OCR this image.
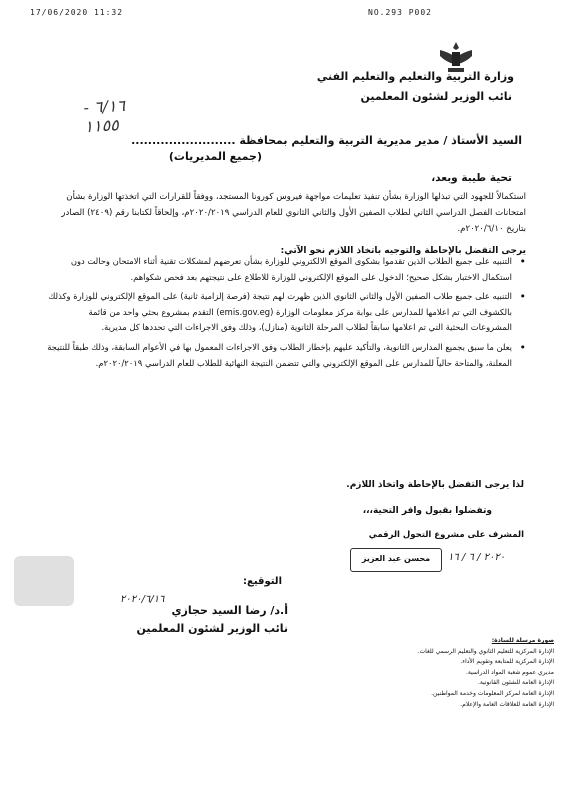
17/06/2020 11:32	NO.293 P002
وزارة التربية والتعليم والتعليم الفني
نائب الوزير لشئون المعلمين
٦/١٦ - ١١٥٥
السيد الأستاذ / مدير مديرية التربية والتعليم بمحافظة .........................
(جميع المديريات)
تحية طيبة وبعد،
استكمالاً للجهود التي تبذلها الوزارة بشأن تنفيذ تعليمات مواجهة فيروس كورونا المستجد، ووفقاً للقرارات التي اتخذتها الوزارة بشأن امتحانات الفصل الدراسي الثاني لطلاب الصفين الأول والثاني الثانوي للعام الدراسي ٢٠٢٠/٢٠١٩م، وإلحاقاً لكتابنا رقم (٢٤٠٩) الصادر بتاريخ ٢٠٢٠/٦/١٠م.
يرجى التفضل بالإحاطة والتوجيه باتخاذ اللازم نحو الآتي:
• التنبيه على جميع الطلاب الذين تقدموا بشكوى الموقع الالكتروني للوزارة بشأن تعرضهم لمشكلات تقنية أثناء الامتحان وحالت دون استكمال الاختبار بشكل صحيح؛ الدخول على الموقع الإلكتروني للوزارة للاطلاع على نتيجتهم بعد فحص شكواهم.
• التنبيه على جميع طلاب الصفين الأول والثاني الثانوي الذين ظهرت لهم نتيجة (فرصة إلزامية ثانية) على الموقع الإلكتروني للوزارة وكذلك بالكشوف التي تم اعلامها للمدارس على بوابة مركز معلومات الوزارة (emis.gov.eg) التقدم بمشروع بحثي واحد من قائمة المشروعات البحثية التي تم اعلامها سابقاً لطلاب المرحلة الثانوية (منازل)، وذلك وفق الاجراءات التي تحددها كل مديرية.
• يعلن ما سبق بجميع المدارس الثانوية، والتأكيد عليهم بإخطار الطلاب وفق الاجراءات المعمول بها في الأعوام السابقة، وذلك طبقاً للنتيجة المعلنة، والمتاحة حالياً للمدارس على الموقع الإلكتروني والتي تتضمن النتيجة النهائية للطلاب للعام الدراسي ٢٠٢٠/٢٠١٩م.
لذا يرجى التفضل بالإحاطة واتخاذ اللازم.
وتفضلوا بقبول وافر التحية،،،
المشرف على مشروع التحول الرقمي
محسن عبد العزيز	٢٠٢٠ / ٦ / ١٦
التوقيع:
٢٠٢٠/٦/١٦
أ.د/ رضا السيد حجازي
نائب الوزير لشئون المعلمين
صورة مرسلة للسادة:
الإدارة المركزية للتعليم الثانوي والتعليم الرسمي للغات.
الإدارة المركزية للمتابعة وتقويم الأداء.
مديري عموم شعبة المواد الدراسية.
الإدارة العامة للشئون القانونية.
الإدارة العامة لمركز المعلومات وخدمة المواطنين.
الإدارة العامة للعلاقات العامة والإعلام.
